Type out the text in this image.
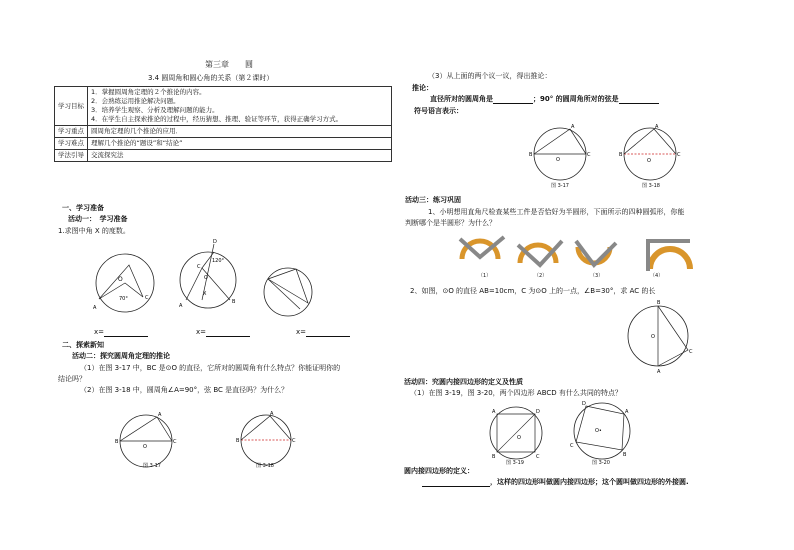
第三章　　圆
3.4 圆周角和圆心角的关系（第２课时）
学习目标	1．掌握圆周角定理的２个推论的内容。
2．会熟练运用推论解决问题。
3．培养学生观察、分析及理解问题的能力。
4．在学生自主探索推论的过程中，经历猜想、推理、验证等环节，获得正确学习方式。

学习重点	圆周角定理的几个推论的应用．

学习难点	理解几个推论的“题设”和“结论”

学法引导	交流探究法
一、学习准备
活动一：　学习准备
1.求图中角 X 的度数。
O
A
C
70°
D
C
O
X
A
B
120°
x=	x=	x=
二、探索新知
活动二：探究圆周角定理的推论
（1）在图 3-17 中，BC 是⊙O 的直径，它所对的圆周角有什么特点？你能证明你的
结论吗？
（2）在图 3-18 中，圆周角∠A=90°，弦 BC 是直径吗？为什么？
B	C
A
O
图 3-17
B	C
A
图 3-18
（3）从上面的两个议一议，得出推论：
推论：
直径所对的圆周角是	；90° 的圆周角所对的弦是
符号语言表示：
B	C
A
O
图 3-17
B	C
A
O
图 3-18
活动三：练习巩固
1、小明想用直角尺检查某些工件是否恰好为半圆形，下面所示的四种圆弧形，你能
判断哪个是半圆形？为什么？
（1）	（2）	（3）	（4）
2、如图，⊙O 的直径 AB=10cm，C 为⊙O 上的一点，∠B=30°，求 AC 的长
B
A
C
O
活动四：究圆内接四边形的定义及性质
（1）在图 3-19，图 3-20，两个四边形 ABCD 有什么共同的特点？
A	D
B	C
O
图 3-19
D
A
B
C
O•
图 3-20
圆内接四边形的定义：
，这样的四边形叫做圆内接四边形；这个圆叫做四边形的外接圆.
